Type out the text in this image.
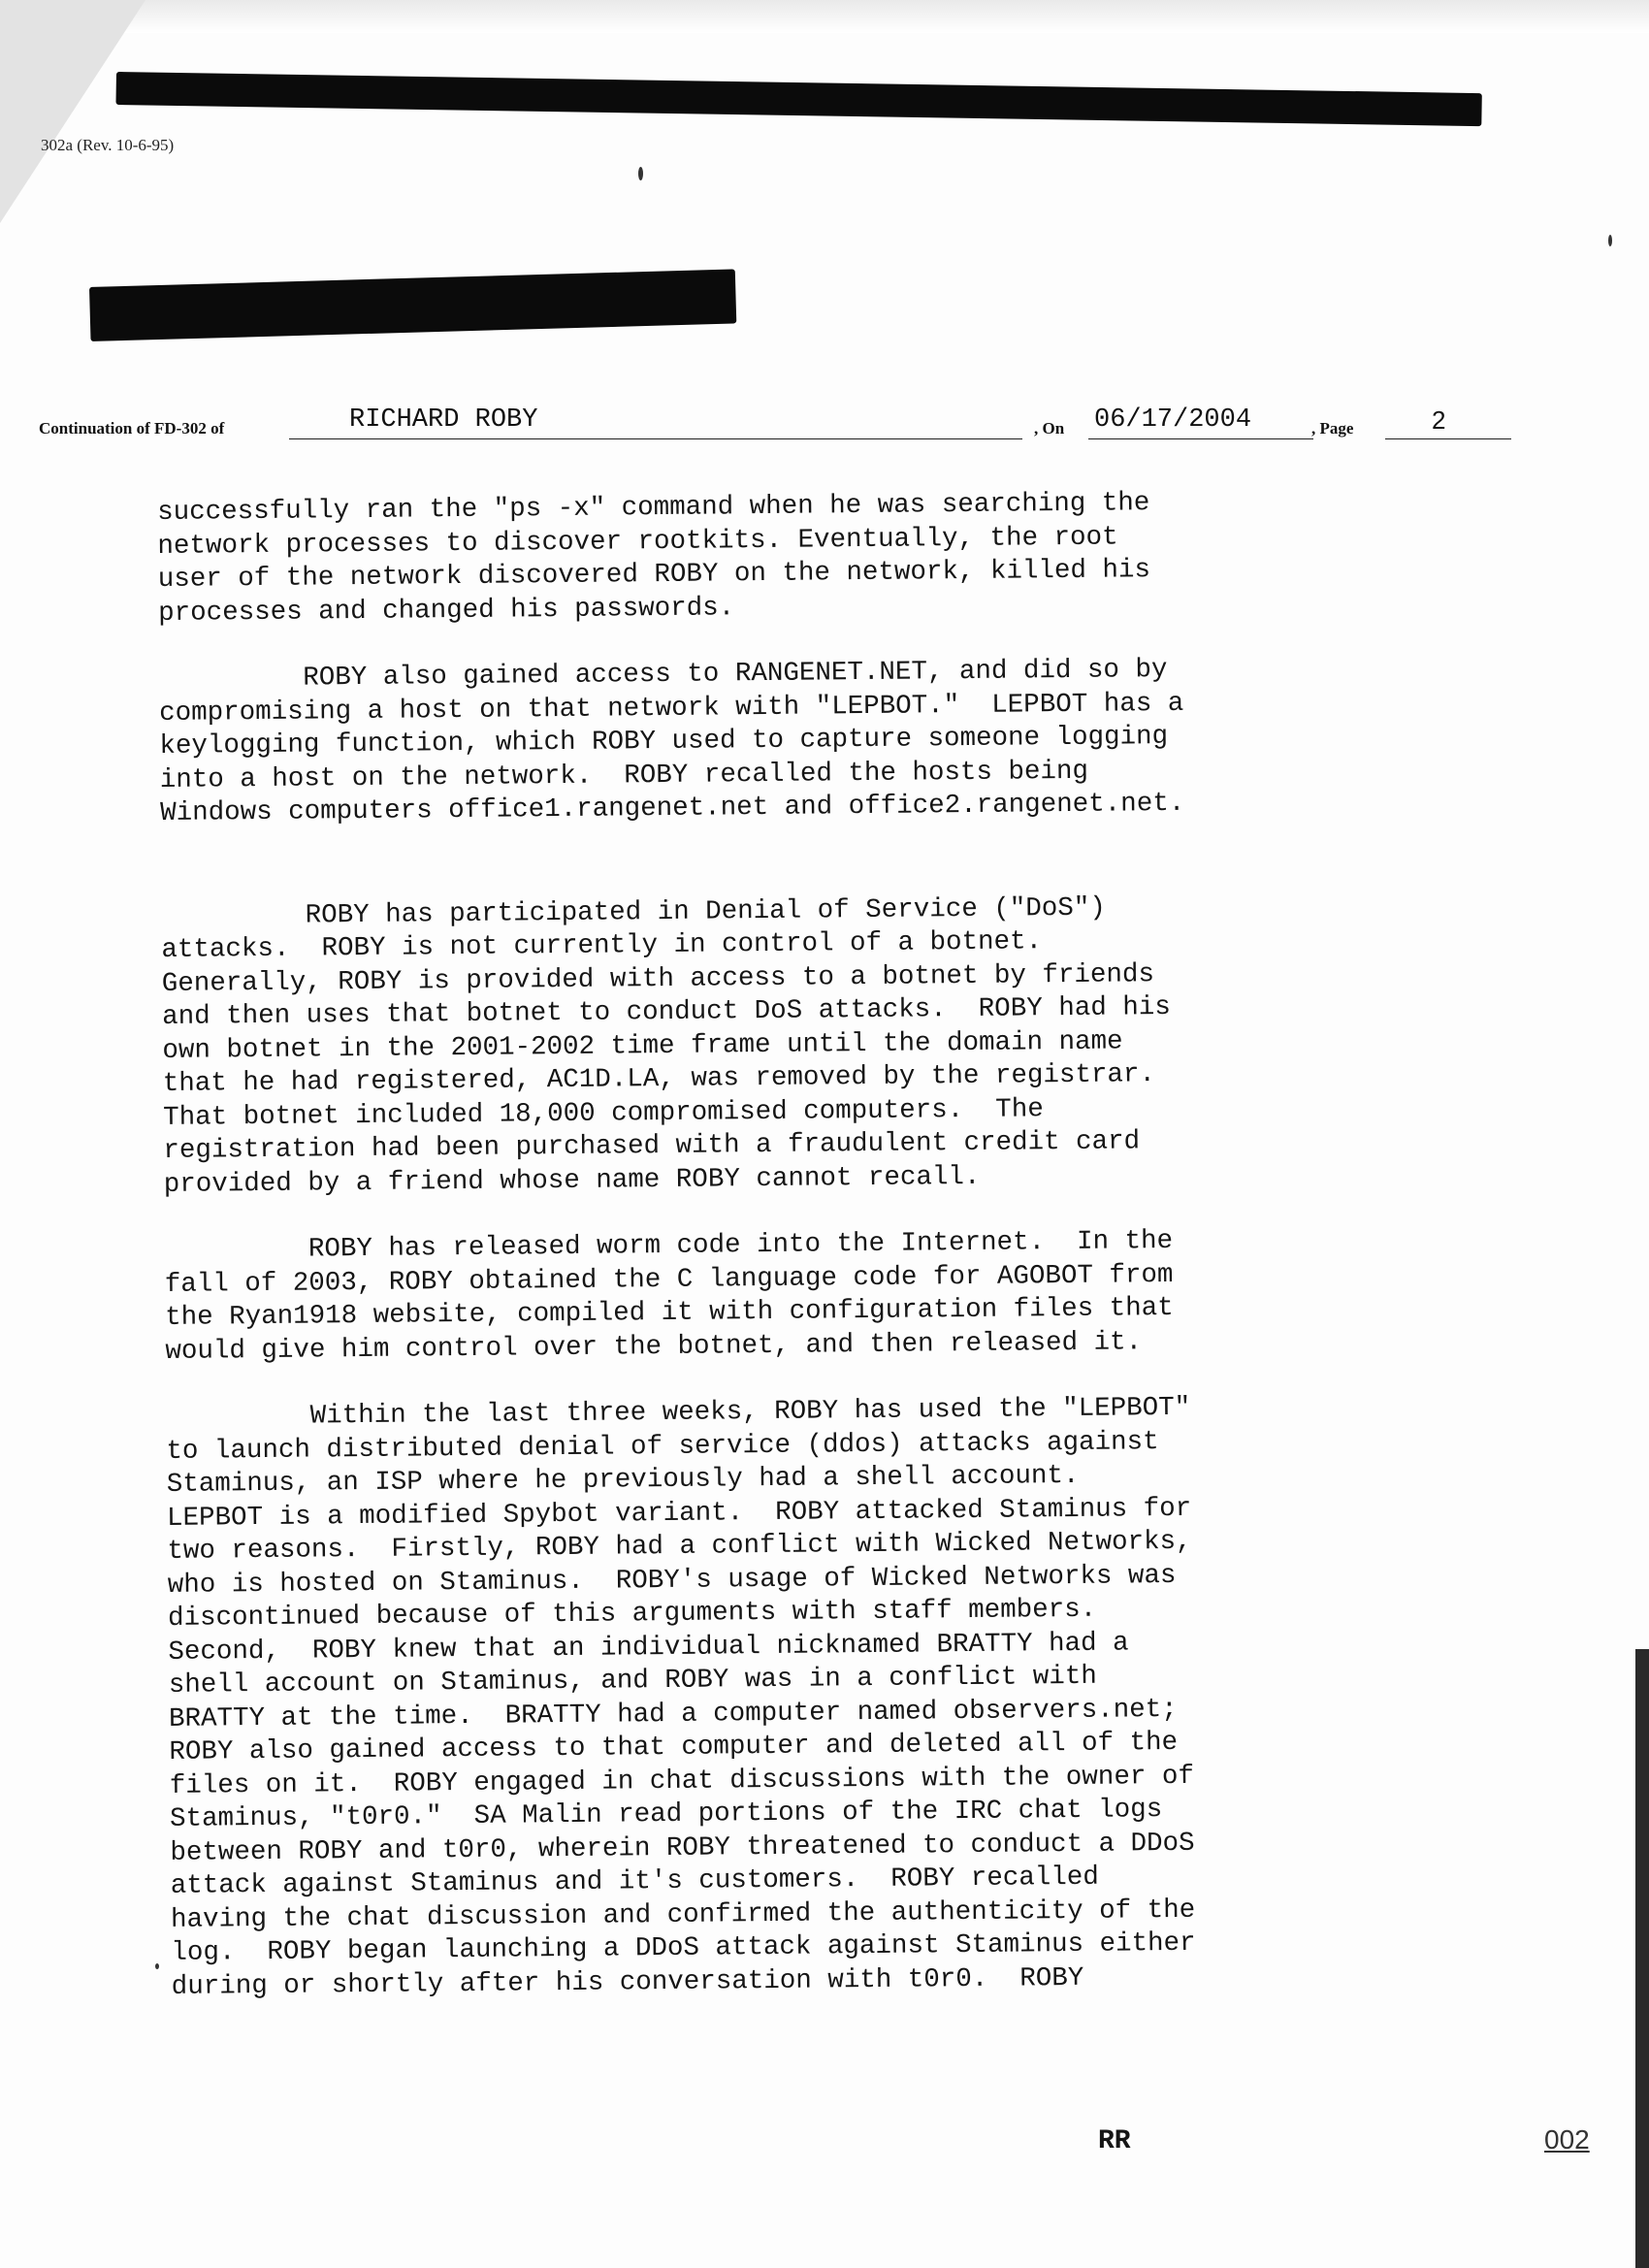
302a (Rev. 10-6-95)
Continuation of FD-302 of	RICHARD ROBY	, On 06/17/2004	, Page	2

successfully ran the "ps -x" command when he was searching the

network processes to discover rootkits. Eventually, the root

user of the network discovered ROBY on the network, killed his

processes and changed his passwords.

ROBY also gained access to RANGENET.NET, and did so by

compromising a host on that network with "LEPBOT."  LEPBOT has a

keylogging function, which ROBY used to capture someone logging

into a host on the network.  ROBY recalled the hosts being

Windows computers office1.rangenet.net and office2.rangenet.net.

ROBY has participated in Denial of Service ("DoS")

attacks.  ROBY is not currently in control of a botnet.

Generally, ROBY is provided with access to a botnet by friends

and then uses that botnet to conduct DoS attacks.  ROBY had his

own botnet in the 2001-2002 time frame until the domain name

that he had registered, AC1D.LA, was removed by the registrar.

That botnet included 18,000 compromised computers.  The

registration had been purchased with a fraudulent credit card

provided by a friend whose name ROBY cannot recall.

ROBY has released worm code into the Internet.  In the

fall of 2003, ROBY obtained the C language code for AGOBOT from

the Ryan1918 website, compiled it with configuration files that

would give him control over the botnet, and then released it.

Within the last three weeks, ROBY has used the "LEPBOT"

to launch distributed denial of service (ddos) attacks against

Staminus, an ISP where he previously had a shell account.

LEPBOT is a modified Spybot variant.  ROBY attacked Staminus for

two reasons.  Firstly, ROBY had a conflict with Wicked Networks,

who is hosted on Staminus.  ROBY's usage of Wicked Networks was

discontinued because of this arguments with staff members.

Second,  ROBY knew that an individual nicknamed BRATTY had a

shell account on Staminus, and ROBY was in a conflict with

BRATTY at the time.  BRATTY had a computer named observers.net;

ROBY also gained access to that computer and deleted all of the

files on it.  ROBY engaged in chat discussions with the owner of

Staminus, "t0r0."  SA Malin read portions of the IRC chat logs

between ROBY and t0r0, wherein ROBY threatened to conduct a DDoS

attack against Staminus and it's customers.  ROBY recalled

having the chat discussion and confirmed the authenticity of the

log.  ROBY began launching a DDoS attack against Staminus either

during or shortly after his conversation with t0r0.  ROBY

RR	002
